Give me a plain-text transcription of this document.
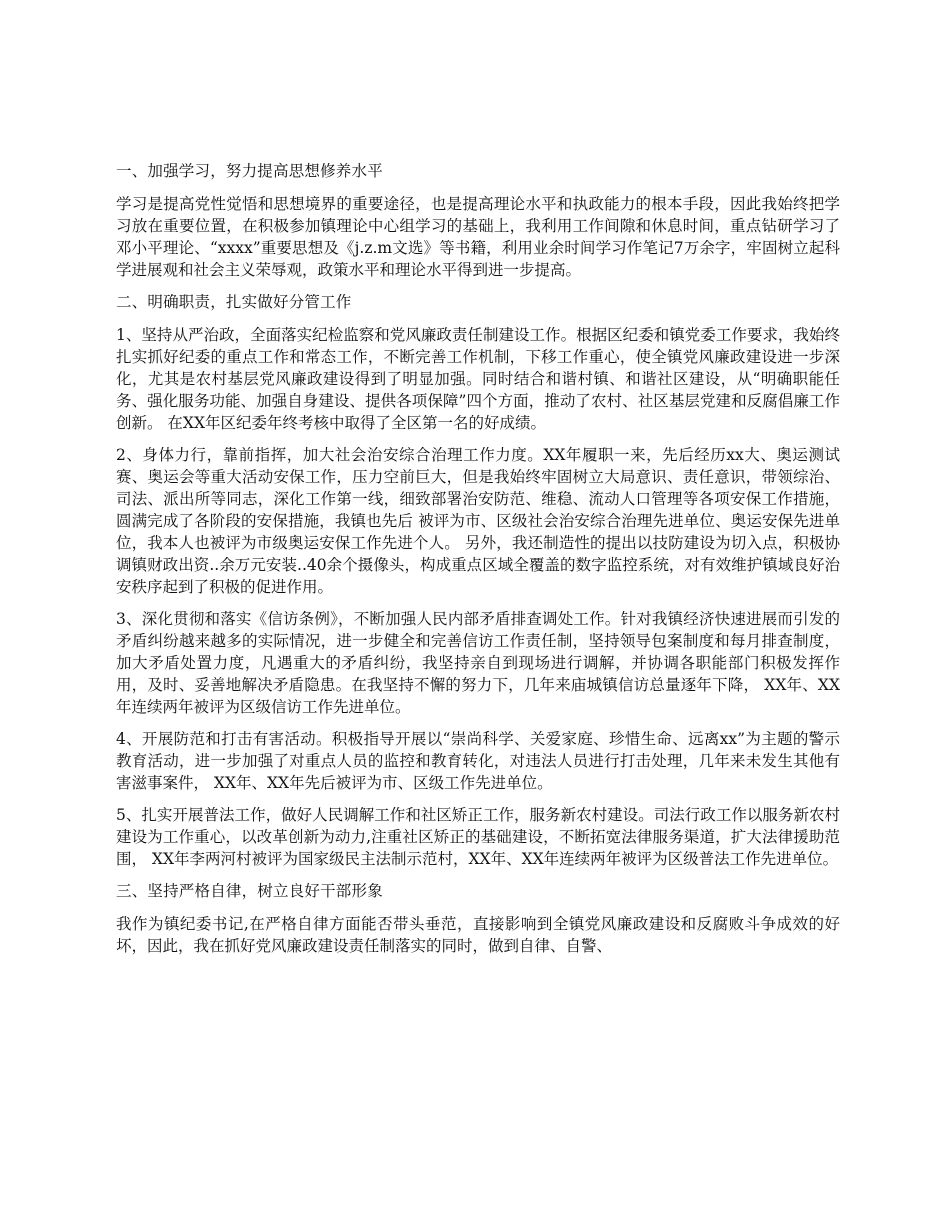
一、加强学习，努力提高思想修养水平
学习是提高党性觉悟和思想境界的重要途径，也是提高理论水平和执政能力的根本手段，因此我始终把学习放在重要位置，在积极参加镇理论中心组学习的基础上，我利用工作间隙和休息时间，重点钻研学习了邓小平理论、“xxxx”重要思想及《j.z.m文选》等书籍，利用业余时间学习作笔记7万余字，牢固树立起科学进展观和社会主义荣辱观，政策水平和理论水平得到进一步提高。
二、明确职责，扎实做好分管工作
1、坚持从严治政，全面落实纪检监察和党风廉政责任制建设工作。根据区纪委和镇党委工作要求，我始终扎实抓好纪委的重点工作和常态工作，不断完善工作机制，下移工作重心，使全镇党风廉政建设进一步深化，尤其是农村基层党风廉政建设得到了明显加强。同时结合和谐村镇、和谐社区建设，从“明确职能任务、强化服务功能、加强自身建设、提供各项保障”四个方面，推动了农村、社区基层党建和反腐倡廉工作创新。 在XX年区纪委年终考核中取得了全区第一名的好成绩。
2、身体力行，靠前指挥，加大社会治安综合治理工作力度。XX年履职一来，先后经历xx大、奥运测试赛、奥运会等重大活动安保工作，压力空前巨大，但是我始终牢固树立大局意识、责任意识，带领综治、司法、派出所等同志，深化工作第一线，细致部署治安防范、维稳、流动人口管理等各项安保工作措施，圆满完成了各阶段的安保措施，我镇也先后 被评为市、区级社会治安综合治理先进单位、奥运安保先进单位，我本人也被评为市级奥运安保工作先进个人。 另外，我还制造性的提出以技防建设为切入点，积极协调镇财政出资..余万元安装..40余个摄像头，构成重点区域全覆盖的数字监控系统，对有效维护镇域良好治安秩序起到了积极的促进作用。
3、深化贯彻和落实《信访条例》，不断加强人民内部矛盾排查调处工作。针对我镇经济快速进展而引发的矛盾纠纷越来越多的实际情况，进一步健全和完善信访工作责任制，坚持领导包案制度和每月排查制度，加大矛盾处置力度，凡遇重大的矛盾纠纷，我坚持亲自到现场进行调解，并协调各职能部门积极发挥作用，及时、妥善地解决矛盾隐患。在我坚持不懈的努力下，几年来庙城镇信访总量逐年下降， XX年、XX年连续两年被评为区级信访工作先进单位。
4、开展防范和打击有害活动。积极指导开展以“崇尚科学、关爱家庭、珍惜生命、远离xx”为主题的警示教育活动，进一步加强了对重点人员的监控和教育转化，对违法人员进行打击处理，几年来未发生其他有害滋事案件， XX年、XX年先后被评为市、区级工作先进单位。
5、扎实开展普法工作，做好人民调解工作和社区矫正工作，服务新农村建设。司法行政工作以服务新农村建设为工作重心，以改革创新为动力,注重社区矫正的基础建设，不断拓宽法律服务渠道，扩大法律援助范围， XX年李两河村被评为国家级民主法制示范村，XX年、XX年连续两年被评为区级普法工作先进单位。
三、坚持严格自律，树立良好干部形象
我作为镇纪委书记,在严格自律方面能否带头垂范，直接影响到全镇党风廉政建设和反腐败斗争成效的好坏，因此，我在抓好党风廉政建设责任制落实的同时，做到自律、自警、
